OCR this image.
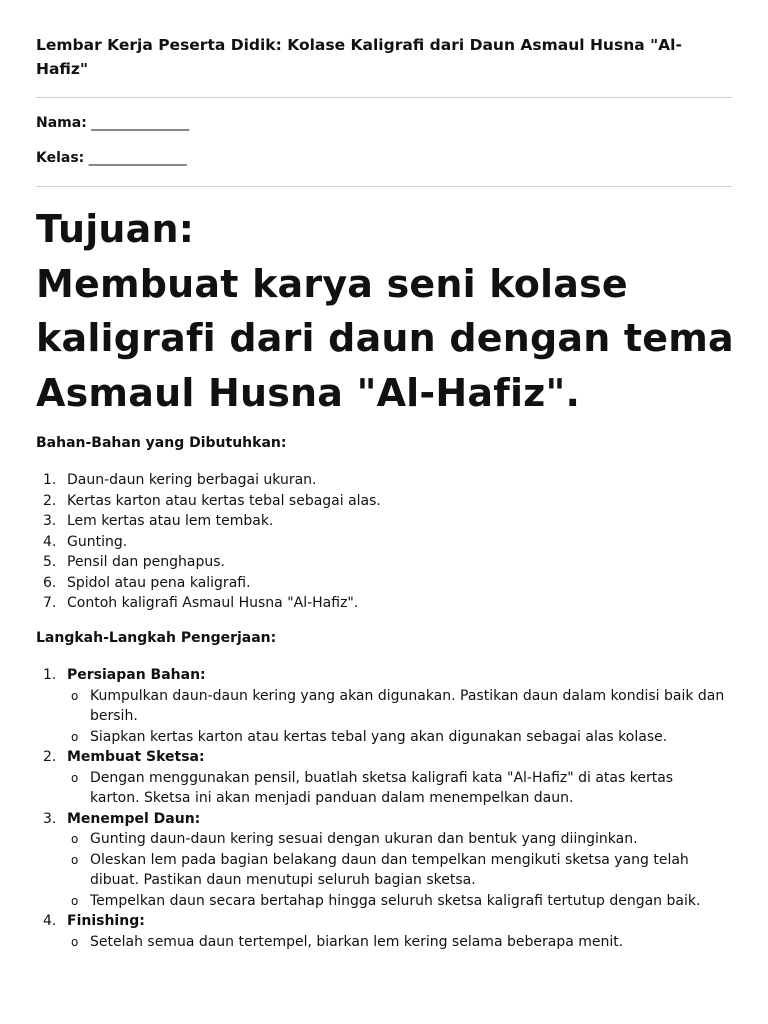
Lembar Kerja Peserta Didik: Kolase Kaligrafi dari Daun Asmaul Husna "Al-Hafiz"
Nama: ______________
Kelas: ______________
Tujuan:
Membuat karya seni kolase kaligrafi dari daun dengan tema Asmaul Husna "Al-Hafiz".
Bahan-Bahan yang Dibutuhkan:
1. Daun-daun kering berbagai ukuran.
2. Kertas karton atau kertas tebal sebagai alas.
3. Lem kertas atau lem tembak.
4. Gunting.
5. Pensil dan penghapus.
6. Spidol atau pena kaligrafi.
7. Contoh kaligrafi Asmaul Husna "Al-Hafiz".
Langkah-Langkah Pengerjaan:
1. Persiapan Bahan:
o Kumpulkan daun-daun kering yang akan digunakan. Pastikan daun dalam kondisi baik dan bersih.
o Siapkan kertas karton atau kertas tebal yang akan digunakan sebagai alas kolase.
2. Membuat Sketsa:
o Dengan menggunakan pensil, buatlah sketsa kaligrafi kata "Al-Hafiz" di atas kertas karton. Sketsa ini akan menjadi panduan dalam menempelkan daun.
3. Menempel Daun:
o Gunting daun-daun kering sesuai dengan ukuran dan bentuk yang diinginkan.
o Oleskan lem pada bagian belakang daun dan tempelkan mengikuti sketsa yang telah dibuat. Pastikan daun menutupi seluruh bagian sketsa.
o Tempelkan daun secara bertahap hingga seluruh sketsa kaligrafi tertutup dengan baik.
4. Finishing:
o Setelah semua daun tertempel, biarkan lem kering selama beberapa menit.
